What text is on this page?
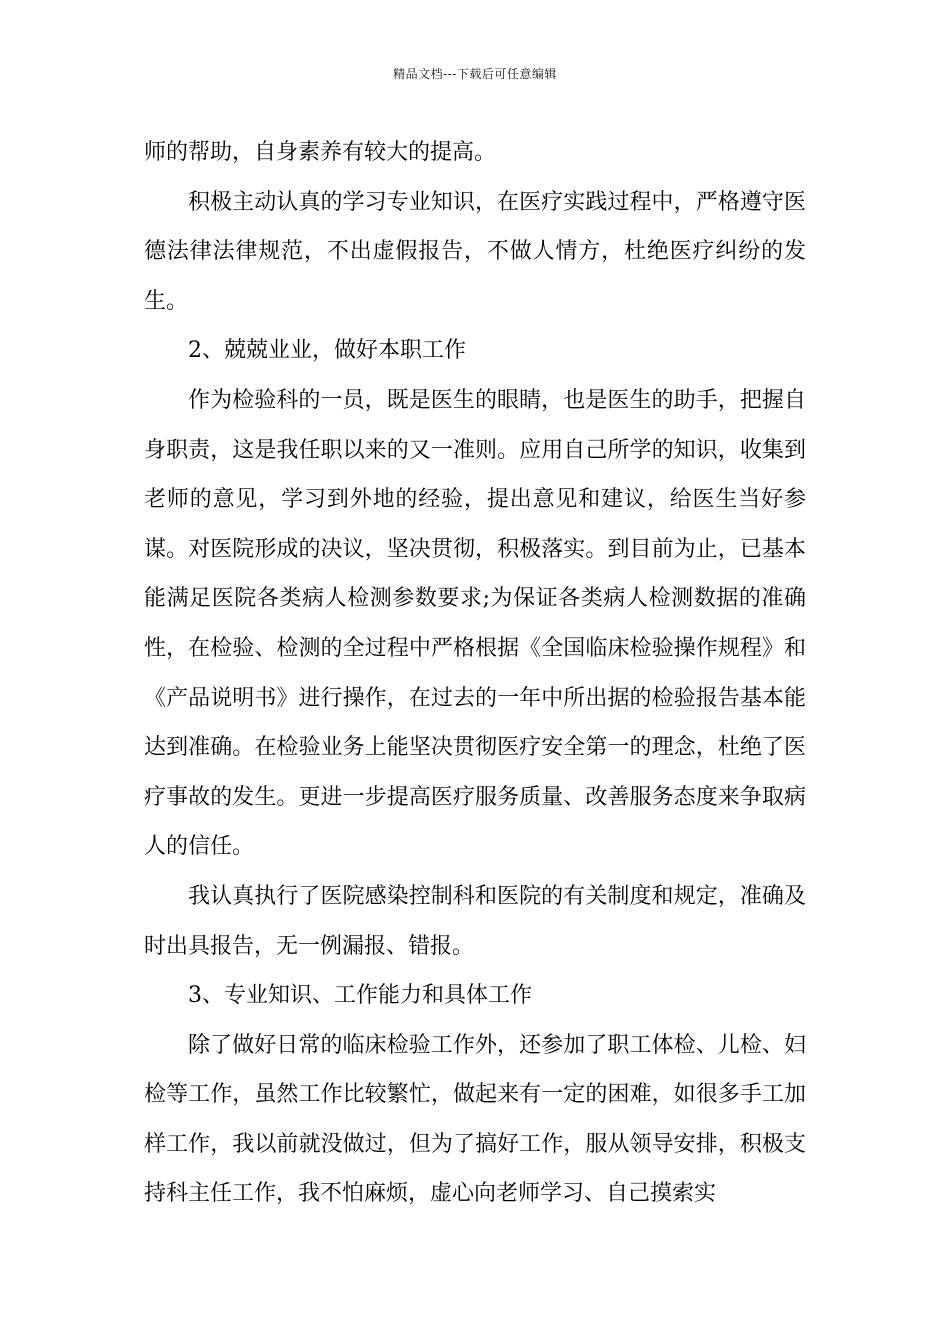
精品文档---下载后可任意编辑

师的帮助，自身素养有较大的提高。

积极主动认真的学习专业知识，在医疗实践过程中，严格遵守医德法律法律规范，不出虚假报告，不做人情方，杜绝医疗纠纷的发生。

2、兢兢业业，做好本职工作

作为检验科的一员，既是医生的眼睛，也是医生的助手，把握自身职责，这是我任职以来的又一准则。应用自己所学的知识，收集到老师的意见，学习到外地的经验，提出意见和建议，给医生当好参谋。对医院形成的决议，坚决贯彻，积极落实。到目前为止，已基本能满足医院各类病人检测参数要求;为保证各类病人检测数据的准确性，在检验、检测的全过程中严格根据《全国临床检验操作规程》和《产品说明书》进行操作，在过去的一年中所出据的检验报告基本能达到准确。在检验业务上能坚决贯彻医疗安全第一的理念，杜绝了医疗事故的发生。更进一步提高医疗服务质量、改善服务态度来争取病人的信任。

我认真执行了医院感染控制科和医院的有关制度和规定，准确及时出具报告，无一例漏报、错报。

3、专业知识、工作能力和具体工作

除了做好日常的临床检验工作外，还参加了职工体检、儿检、妇检等工作，虽然工作比较繁忙，做起来有一定的困难，如很多手工加样工作，我以前就没做过，但为了搞好工作，服从领导安排，积极支持科主任工作，我不怕麻烦，虚心向老师学习、自己摸索实
